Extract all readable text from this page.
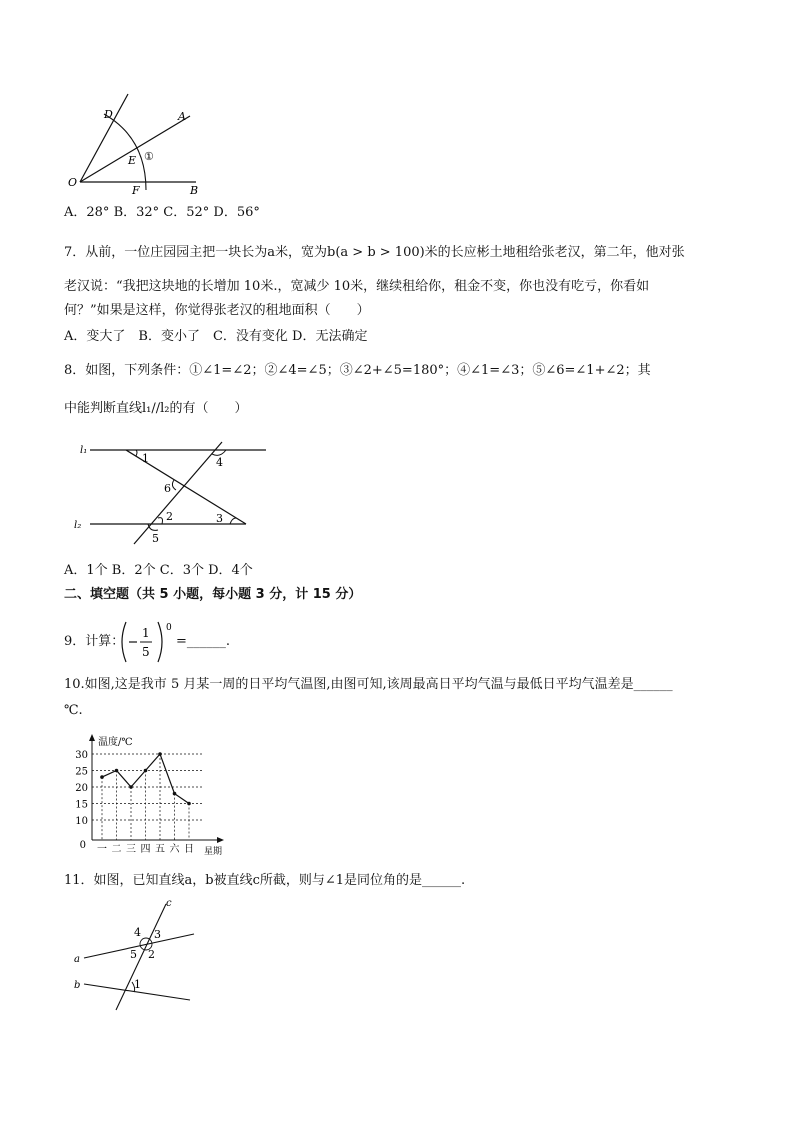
O
D	A
E ①
F	B
A．28° B．32° C．52° D．56°
7．从前，一位庄园园主把一块长为a米，宽为b(a > b > 100)米的长应彬土地租给张老汉，第二年，他对张
老汉说：“我把这块地的长增加 10米.，宽减少 10米，继续租给你，租金不变，你也没有吃亏，你看如
何？”如果是这样，你觉得张老汉的租地面积（　　）
A．变大了　B．变小了　C．没有变化 D．无法确定
8．如图，下列条件：①∠1=∠2；②∠4=∠5；③∠2+∠5=180°；④∠1=∠3；⑤∠6=∠1+∠2；其
中能判断直线l₁//l₂的有（　　）
l₁
l₂
1	4
6
2	3
5
A．1个 B．2个 C．3个 D．4个
二、填空题（共 5 小题，每小题 3 分，计 15 分）
9．计算：
1
5
0
=______.
10.如图,这是我市 5 月某一周的日平均气温图,由图可知,该周最高日平均气温与最低日平均气温差是______
℃.
温度/℃
星期
0
10
15
20
25
30
一 二 三 四 五 六 日
11．如图，已知直线a，b被直线c所截，则与∠1是同位角的是______.
c
a
b
4 3
5 2
1
